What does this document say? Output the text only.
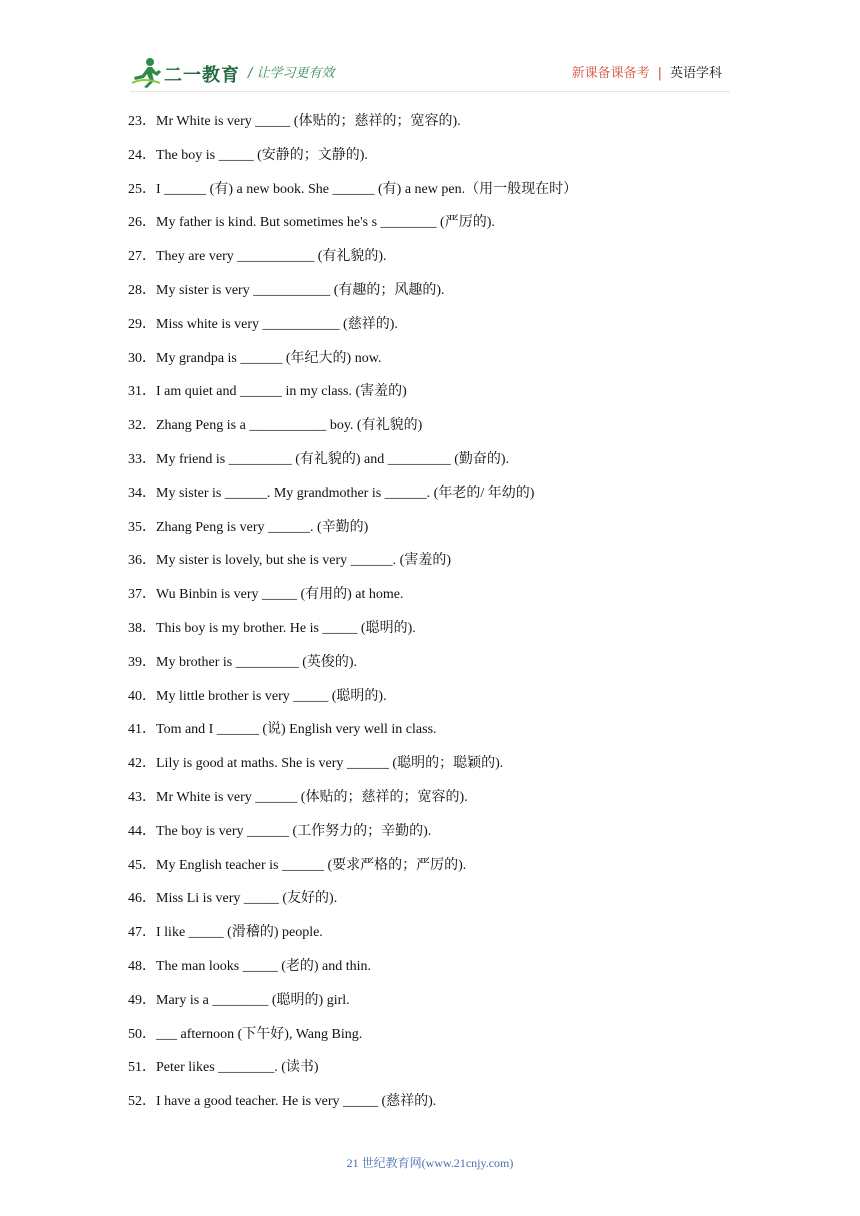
二一教育 / 让学习更有效	新课备课备考 | 英语学科
23．Mr White is very _____ (体贴的；慈祥的；宽容的).
24．The boy is _____ (安静的；文静的).
25．I ______ (有) a new book. She ______ (有) a new pen.（用一般现在时）
26．My father is kind. But sometimes he's s ________ (严厉的).
27．They are very ___________ (有礼貌的).
28．My sister is very ___________ (有趣的；风趣的).
29．Miss white is very ___________ (慈祥的).
30．My grandpa is ______ (年纪大的) now.
31．I am quiet and ______ in my class. (害羞的)
32．Zhang Peng is a ___________ boy. (有礼貌的)
33．My friend is _________ (有礼貌的) and _________ (勤奋的).
34．My sister is ______. My grandmother is ______. (年老的/ 年幼的)
35．Zhang Peng is very ______. (辛勤的)
36．My sister is lovely, but she is very ______. (害羞的)
37．Wu Binbin is very _____ (有用的) at home.
38．This boy is my brother. He is _____ (聪明的).
39．My brother is _________ (英俊的).
40．My little brother is very _____ (聪明的).
41．Tom and I ______ (说) English very well in class.
42．Lily is good at maths. She is very ______ (聪明的；聪颖的).
43．Mr White is very ______ (体贴的；慈祥的；宽容的).
44．The boy is very ______ (工作努力的；辛勤的).
45．My English teacher is ______ (要求严格的；严厉的).
46．Miss Li is very _____ (友好的).
47．I like _____ (滑稽的) people.
48．The man looks _____ (老的) and thin.
49．Mary is a ________ (聪明的) girl.
50．___ afternoon (下午好), Wang Bing.
51．Peter likes ________. (读书)
52．I have a good teacher. He is very _____ (慈祥的).
21 世纪教育网(www.21cnjy.com)
